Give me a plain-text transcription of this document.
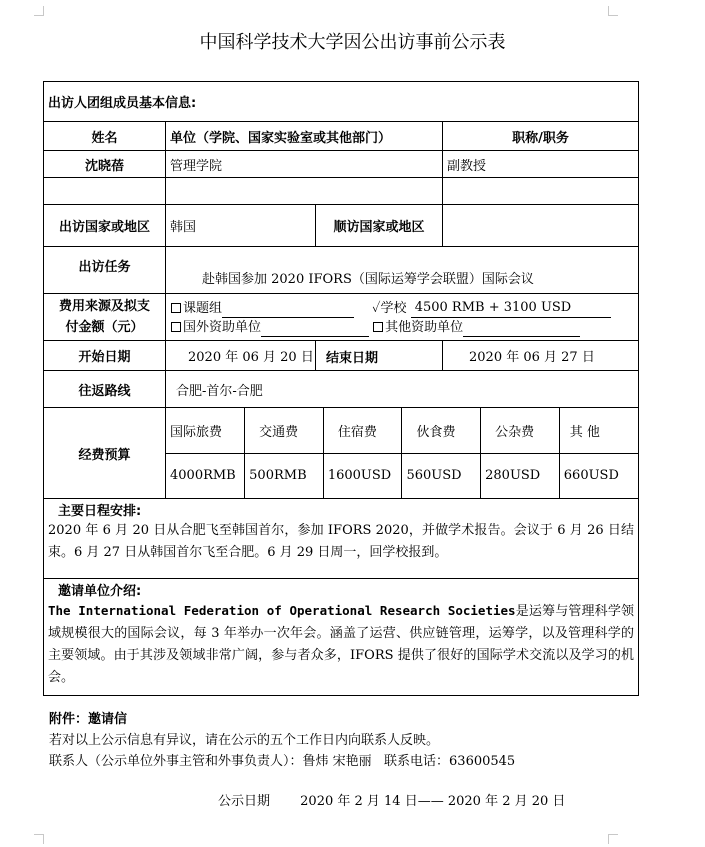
中国科学技术大学因公出访事前公示表
出访人团组成员基本信息:
姓名	单位（学院、国家实验室或其他部门）	职称/职务
沈晓蓓	管理学院	副教授

出访国家或地区	韩国	顺访国家或地区	
出访任务	赴韩国参加 2020 IFORS（国际运筹学会联盟）国际会议
费用来源及拟支
付金额（元）	
课题组	✓学校 4500 RMB + 3100 USD
国外资助单位	其他资助单位

开始日期	2020 年 06 月 20 日	结束日期	2020 年 06 月 27 日
往返路线	合肥-首尔-合肥
经费预算	
国际旅费	交通费	住宿费	伙食费	公杂费	其 他
4000RMB	500RMB	1600USD	560USD	280USD	660USD

主要日程安排:
2020 年 6 月 20 日从合肥飞至韩国首尔，参加 IFORS 2020，并做学术报告。会议于 6 月 26 日结束。6 月 27 日从韩国首尔飞至合肥。6 月 29 日周一，回学校报到。

邀请单位介绍:
The International Federation of Operational Research Societies是运筹与管理科学领域规模很大的国际会议，每 3 年举办一次年会。涵盖了运营、供应链管理，运筹学，以及管理科学的主要领域。由于其涉及领域非常广阔，参与者众多，IFORS 提供了很好的国际学术交流以及学习的机会。
附件：邀请信
若对以上公示信息有异议，请在公示的五个工作日内向联系人反映。
联系人（公示单位外事主管和外事负责人）：鲁炜 宋艳丽   联系电话：63600545
公示日期 2020 年 2 月 14 日—— 2020 年 2 月 20 日
